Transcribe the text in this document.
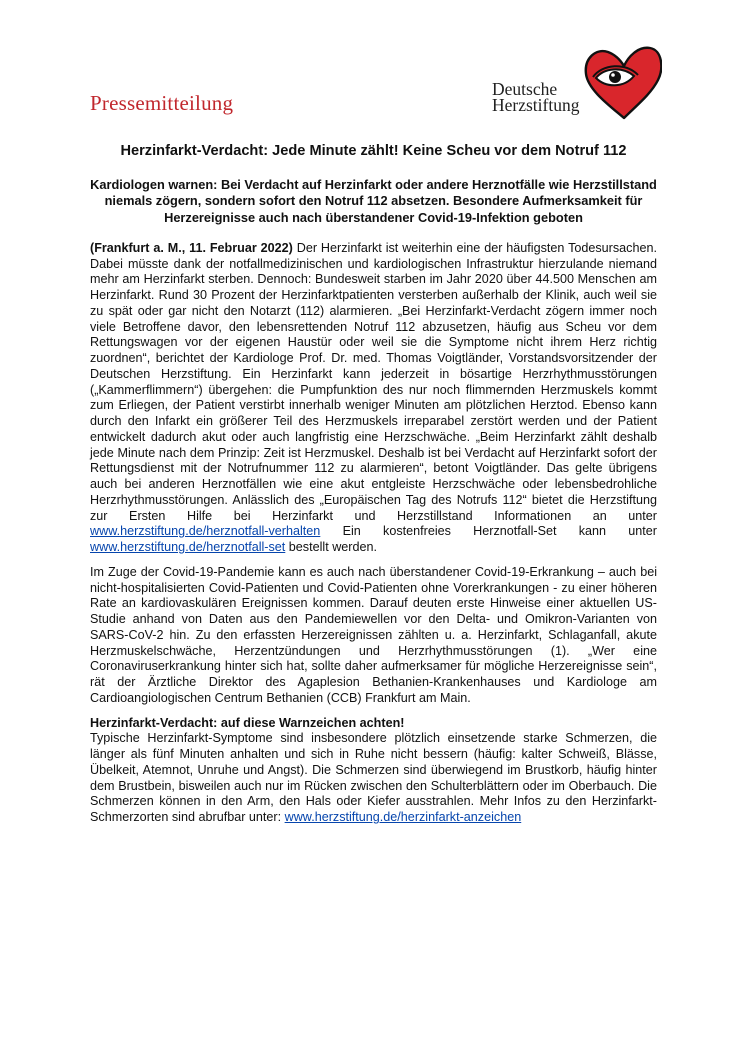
Pressemitteilung
Deutsche
Herzstiftung
Herzinfarkt-Verdacht: Jede Minute zählt! Keine Scheu vor dem Notruf 112
Kardiologen warnen: Bei Verdacht auf Herzinfarkt oder andere Herznotfälle wie Herzstillstand niemals zögern, sondern sofort den Notruf 112 absetzen. Besondere Aufmerksamkeit für Herzereignisse auch nach überstandener Covid-19-Infektion geboten

(Frankfurt a. M., 11. Februar 2022) Der Herzinfarkt ist weiterhin eine der häufigsten Todesursachen. Dabei müsste dank der notfallmedizinischen und kardiologischen Infrastruktur hierzulande niemand mehr am Herzinfarkt sterben. Dennoch: Bundesweit starben im Jahr 2020 über 44.500 Menschen am Herzinfarkt. Rund 30 Prozent der Herzinfarktpatienten versterben außerhalb der Klinik, auch weil sie zu spät oder gar nicht den Notarzt (112) alarmieren. „Bei Herzinfarkt-Verdacht zögern immer noch viele Betroffene davor, den lebensrettenden Notruf 112 abzusetzen, häufig aus Scheu vor dem Rettungswagen vor der eigenen Haustür oder weil sie die Symptome nicht ihrem Herz richtig zuordnen“, berichtet der Kardiologe Prof. Dr. med. Thomas Voigtländer, Vorstandsvorsitzender der Deutschen Herzstiftung. Ein Herzinfarkt kann jederzeit in bösartige Herzrhythmusstörungen („Kammerflimmern“) übergehen: die Pumpfunktion des nur noch flimmernden Herzmuskels kommt zum Erliegen, der Patient verstirbt innerhalb weniger Minuten am plötzlichen Herztod. Ebenso kann durch den Infarkt ein größerer Teil des Herzmuskels irreparabel zerstört werden und der Patient entwickelt dadurch akut oder auch langfristig eine Herzschwäche. „Beim Herzinfarkt zählt deshalb jede Minute nach dem Prinzip: Zeit ist Herzmuskel. Deshalb ist bei Verdacht auf Herzinfarkt sofort der Rettungsdienst mit der Notrufnummer 112 zu alarmieren“, betont Voigtländer. Das gelte übrigens auch bei anderen Herznotfällen wie eine akut entgleiste Herzschwäche oder lebensbedrohliche Herzrhythmusstörungen. Anlässlich des „Europäischen Tag des Notrufs 112“ bietet die Herzstiftung zur Ersten Hilfe bei Herzinfarkt und Herzstillstand Informationen an unter www.herzstiftung.de/herznotfall-verhalten Ein kostenfreies Herznotfall-Set kann unter www.herzstiftung.de/herznotfall-set bestellt werden.

Im Zuge der Covid-19-Pandemie kann es auch nach überstandener Covid-19-Erkrankung – auch bei nicht-hospitalisierten Covid-Patienten und Covid-Patienten ohne Vorerkrankungen - zu einer höheren Rate an kardiovaskulären Ereignissen kommen. Darauf deuten erste Hinweise einer aktuellen US-Studie anhand von Daten aus den Pandemiewellen vor den Delta- und Omikron-Varianten von SARS-CoV-2 hin. Zu den erfassten Herzereignissen zählten u. a. Herzinfarkt, Schlaganfall, akute Herzmuskelschwäche, Herzentzündungen und Herzrhythmusstörungen (1). „Wer eine Coronaviruserkrankung hinter sich hat, sollte daher aufmerksamer für mögliche Herzereignisse sein“, rät der Ärztliche Direktor des Agaplesion Bethanien-Krankenhauses und Kardiologe am Cardioangiologischen Centrum Bethanien (CCB) Frankfurt am Main.

Herzinfarkt-Verdacht: auf diese Warnzeichen achten!

Typische Herzinfarkt-Symptome sind insbesondere plötzlich einsetzende starke Schmerzen, die länger als fünf Minuten anhalten und sich in Ruhe nicht bessern (häufig: kalter Schweiß, Blässe, Übelkeit, Atemnot, Unruhe und Angst). Die Schmerzen sind überwiegend im Brustkorb, häufig hinter dem Brustbein, bisweilen auch nur im Rücken zwischen den Schulterblättern oder im Oberbauch. Die Schmerzen können in den Arm, den Hals oder Kiefer ausstrahlen. Mehr Infos zu den Herzinfarkt-Schmerzorten sind abrufbar unter: www.herzstiftung.de/herzinfarkt-anzeichen
